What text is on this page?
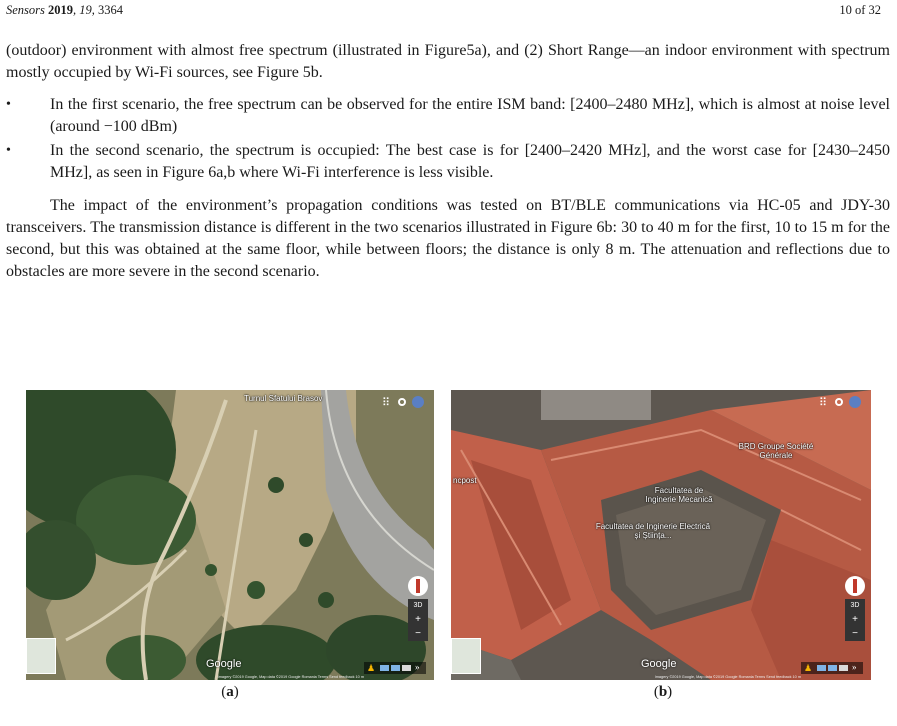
Sensors 2019, 19, 3364	10 of 32

(outdoor) environment with almost free spectrum (illustrated in Figure5a), and (2) Short Range—an indoor environment with spectrum mostly occupied by Wi-Fi sources, see Figure 5b.

• In the first scenario, the free spectrum can be observed for the entire ISM band: [2400–2480 MHz], which is almost at noise level (around −100 dBm)
• In the second scenario, the spectrum is occupied: The best case is for [2400–2420 MHz], and the worst case for [2430–2450 MHz], as seen in Figure 6a,b where Wi-Fi interference is less visible.

The impact of the environment’s propagation conditions was tested on BT/BLE communications via HC-05 and JDY-30 transceivers. The transmission distance is different in the two scenarios illustrated in Figure 6b: 30 to 40 m for the first, 10 to 15 m for the second, but this was obtained at the same floor, while between floors; the distance is only 8 m. The attenuation and reflections due to obstacles are more severe in the second scenario.

Turnul Sfatului Brasov	⠿
3D
+
−
Google	♟	»
Imagery ©2019 Google, Map data ©2019 Google Romania Terms Send feedback 10 m
BRD Groupe Société Générale
Facultatea de Inginerie Mecanică
Facultatea de Inginerie Electrică și Știința...
ncpost
⠿
3D
+
−
Google	♟	»
Imagery ©2019 Google, Map data ©2019 Google Romania Terms Send feedback 10 m
(a)	(b)
